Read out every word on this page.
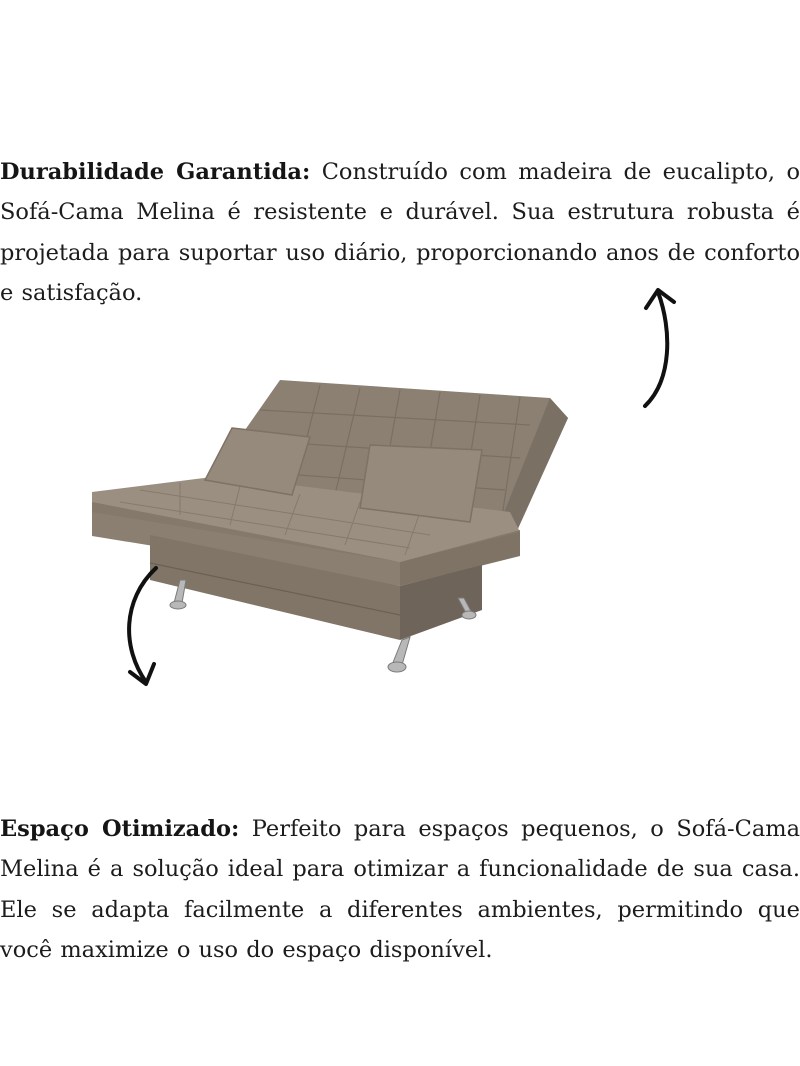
Durabilidade Garantida: Construído com madeira de eucalipto, o Sofá-Cama Melina é resistente e durável. Sua estrutura robusta é projetada para suportar uso diário, proporcionando anos de conforto e satisfação.

Espaço Otimizado: Perfeito para espaços pequenos, o Sofá-Cama Melina é a solução ideal para otimizar a funcionalidade de sua casa. Ele se adapta facilmente a diferentes ambientes, permitindo que você maximize o uso do espaço disponível.
